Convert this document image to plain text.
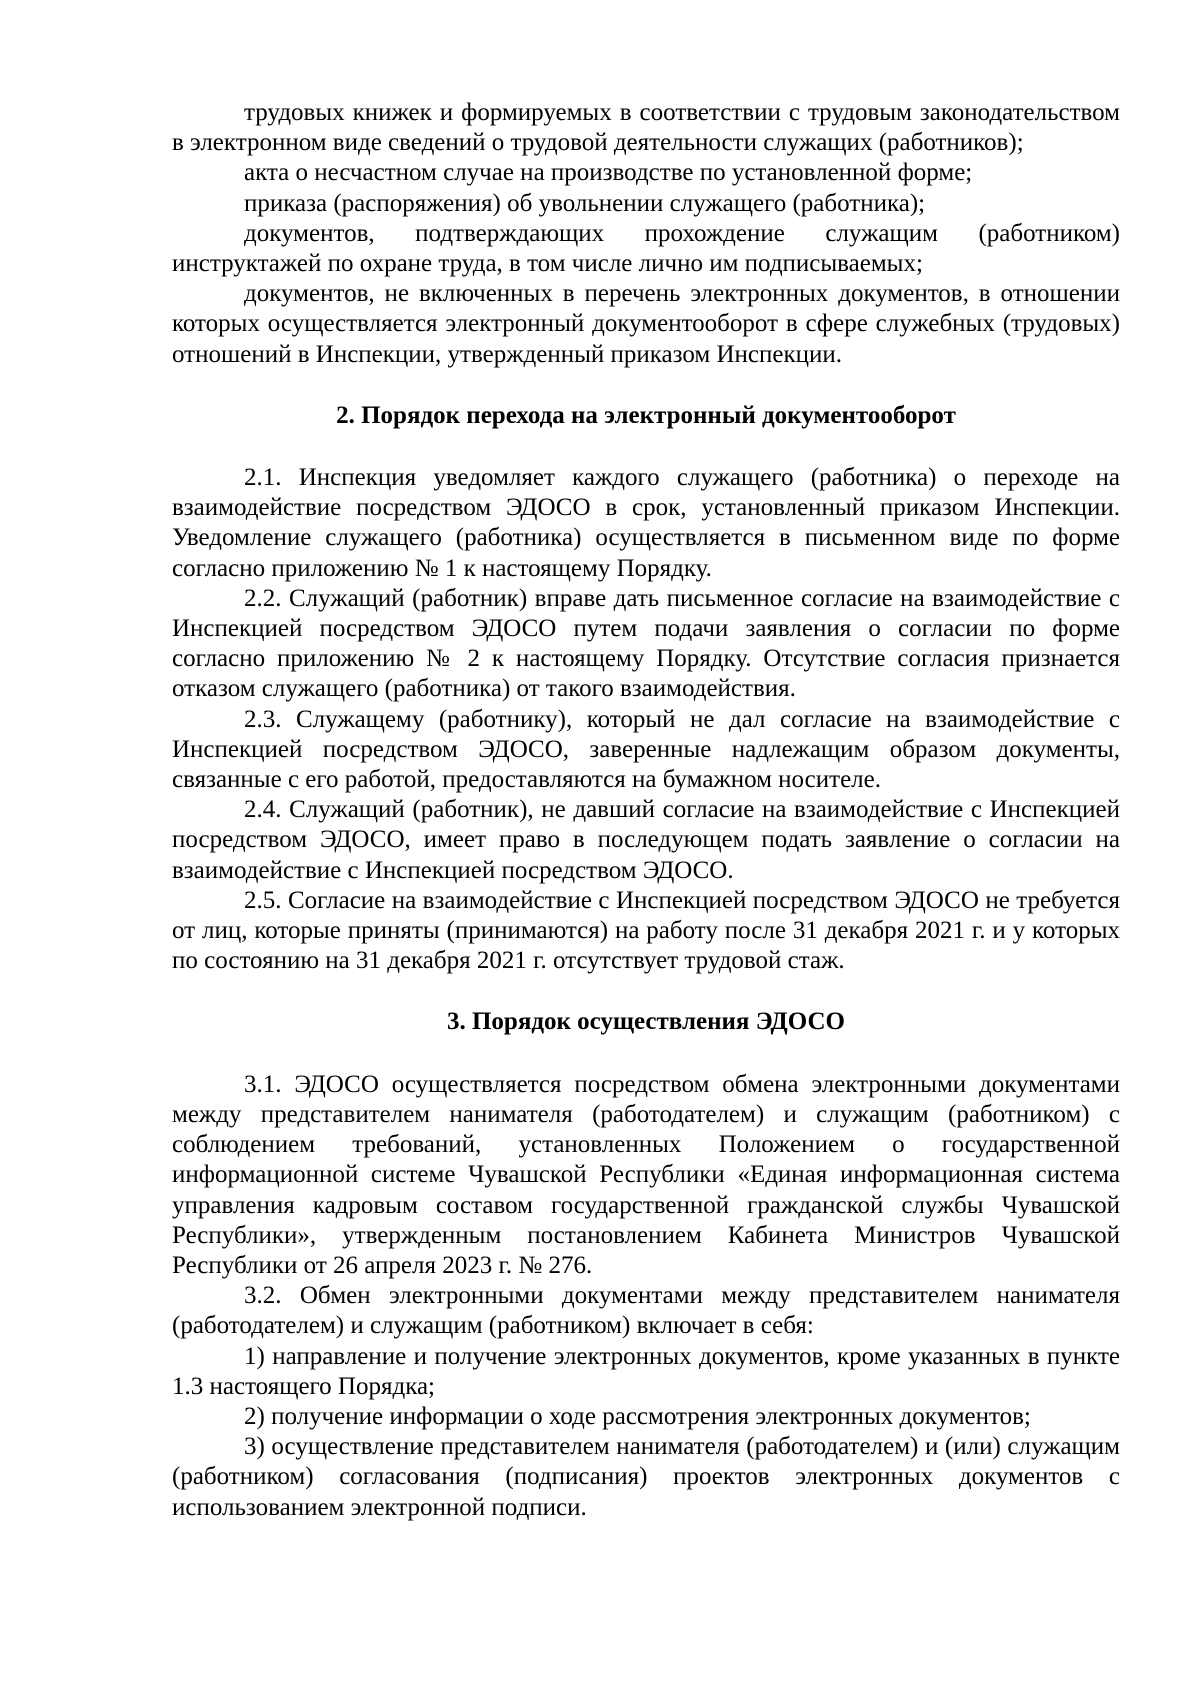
трудовых книжек и формируемых в соответствии с трудовым законодательством в электронном виде сведений о трудовой деятельности служащих (работников);

акта о несчастном случае на производстве по установленной форме;

приказа (распоряжения) об увольнении служащего (работника);

документов, подтверждающих прохождение служащим (работником) инструктажей по охране труда, в том числе лично им подписываемых;

документов, не включенных в перечень электронных документов, в отношении которых осуществляется электронный документооборот в сфере служебных (трудовых) отношений в Инспекции, утвержденный приказом Инспекции.

2. Порядок перехода на электронный документооборот

2.1. Инспекция уведомляет каждого служащего (работника) о переходе на взаимодействие посредством ЭДОСО в срок, установленный приказом Инспекции. Уведомление служащего (работника) осуществляется в письменном виде по форме согласно приложению № 1 к настоящему Порядку.

2.2. Служащий (работник) вправе дать письменное согласие на взаимодействие с Инспекцией посредством ЭДОСО путем подачи заявления о согласии по форме согласно приложению № 2 к настоящему Порядку. Отсутствие согласия признается отказом служащего (работника) от такого взаимодействия.

2.3. Служащему (работнику), который не дал согласие на взаимодействие с Инспекцией посредством ЭДОСО, заверенные надлежащим образом документы, связанные с его работой, предоставляются на бумажном носителе.

2.4. Служащий (работник), не давший согласие на взаимодействие с Инспекцией посредством ЭДОСО, имеет право в последующем подать заявление о согласии на взаимодействие с Инспекцией посредством ЭДОСО.

2.5. Согласие на взаимодействие с Инспекцией посредством ЭДОСО не требуется от лиц, которые приняты (принимаются) на работу после 31 декабря 2021 г. и у которых по состоянию на 31 декабря 2021 г. отсутствует трудовой стаж.

3. Порядок осуществления ЭДОСО

3.1. ЭДОСО осуществляется посредством обмена электронными документами между представителем нанимателя (работодателем) и служащим (работником) с соблюдением требований, установленных Положением о государственной информационной системе Чувашской Республики «Единая информационная система управления кадровым составом государственной гражданской службы Чувашской Республики», утвержденным постановлением Кабинета Министров Чувашской Республики от 26 апреля 2023 г. № 276.

3.2. Обмен электронными документами между представителем нанимателя (работодателем) и служащим (работником) включает в себя:

1) направление и получение электронных документов, кроме указанных в пункте 1.3 настоящего Порядка;

2) получение информации о ходе рассмотрения электронных документов;

3) осуществление представителем нанимателя (работодателем) и (или) служащим (работником) согласования (подписания) проектов электронных документов с использованием электронной подписи.
